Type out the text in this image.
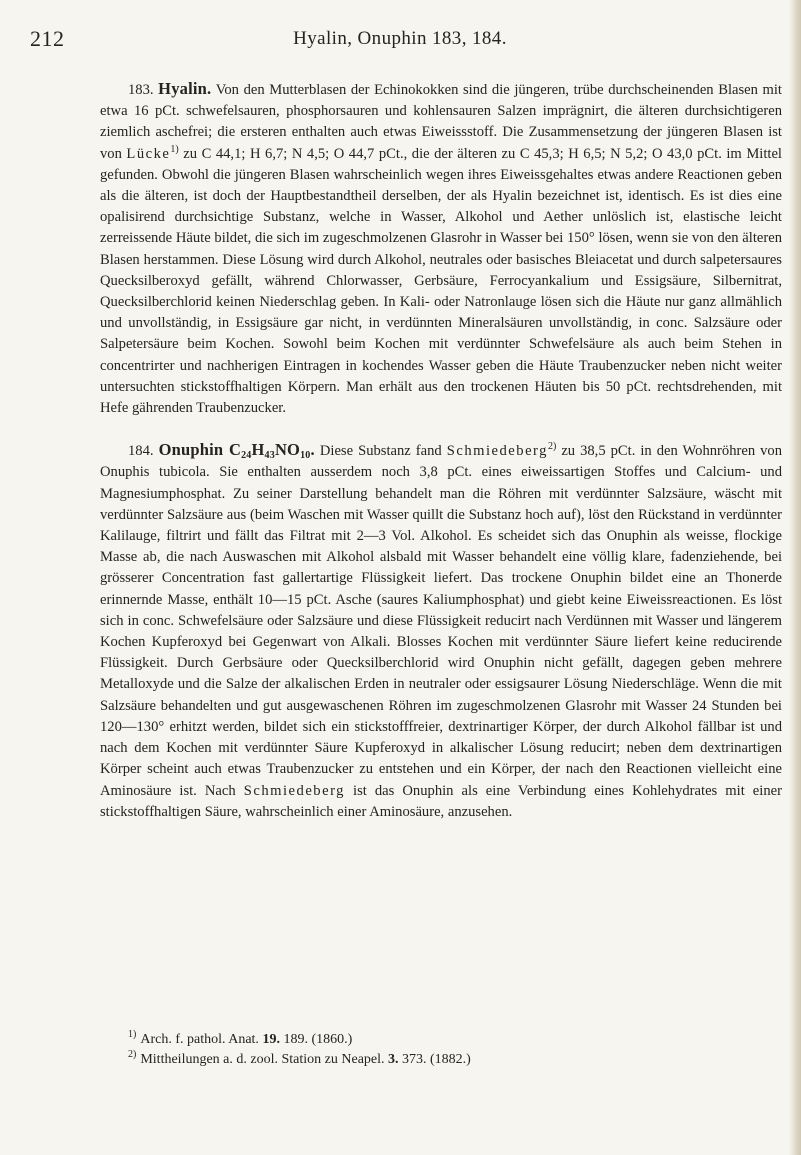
212	Hyalin, Onuphin 183, 184.

183. Hyalin. Von den Mutterblasen der Echinokokken sind die jüngeren, trübe durchscheinenden Blasen mit etwa 16 pCt. schwefelsauren, phosphorsauren und kohlensauren Salzen imprägnirt, die älteren durchsichtigeren ziemlich aschefrei; die ersteren enthalten auch etwas Eiweissstoff. Die Zusammensetzung der jüngeren Blasen ist von Lücke$^{1)}$ zu C 44,1; H 6,7; N 4,5; O 44,7 pCt., die der älteren zu C 45,3; H 6,5; N 5,2; O 43,0 pCt. im Mittel gefunden. Obwohl die jüngeren Blasen wahrscheinlich wegen ihres Eiweissgehaltes etwas andere Reactionen geben als die älteren, ist doch der Hauptbestandtheil derselben, der als Hyalin bezeichnet ist, identisch. Es ist dies eine opalisirend durchsichtige Substanz, welche in Wasser, Alkohol und Aether unlöslich ist, elastische leicht zerreissende Häute bildet, die sich im zugeschmolzenen Glasrohr in Wasser bei 150° lösen, wenn sie von den älteren Blasen herstammen. Diese Lösung wird durch Alkohol, neutrales oder basisches Bleiacetat und durch salpetersaures Quecksilberoxyd gefällt, während Chlorwasser, Gerbsäure, Ferrocyankalium und Essigsäure, Silbernitrat, Quecksilberchlorid keinen Niederschlag geben. In Kali- oder Natronlauge lösen sich die Häute nur ganz allmählich und unvollständig, in Essigsäure gar nicht, in verdünnten Mineralsäuren unvollständig, in conc. Salzsäure oder Salpetersäure beim Kochen. Sowohl beim Kochen mit verdünnter Schwefelsäure als auch beim Stehen in concentrirter und nachherigen Eintragen in kochendes Wasser geben die Häute Traubenzucker neben nicht weiter untersuchten stickstoffhaltigen Körpern. Man erhält aus den trockenen Häuten bis 50 pCt. rechtsdrehenden, mit Hefe gährenden Traubenzucker.

184. Onuphin $C_{24}H_{43}NO_{10}$. Diese Substanz fand Schmiedeberg$^{2)}$ zu 38,5 pCt. in den Wohnröhren von Onuphis tubicola. Sie enthalten ausserdem noch 3,8 pCt. eines eiweissartigen Stoffes und Calcium- und Magnesiumphosphat. Zu seiner Darstellung behandelt man die Röhren mit verdünnter Salzsäure, wäscht mit verdünnter Salzsäure aus (beim Waschen mit Wasser quillt die Substanz hoch auf), löst den Rückstand in verdünnter Kalilauge, filtrirt und fällt das Filtrat mit 2—3 Vol. Alkohol. Es scheidet sich das Onuphin als weisse, flockige Masse ab, die nach Auswaschen mit Alkohol alsbald mit Wasser behandelt eine völlig klare, fadenziehende, bei grösserer Concentration fast gallertartige Flüssigkeit liefert. Das trockene Onuphin bildet eine an Thonerde erinnernde Masse, enthält 10—15 pCt. Asche (saures Kaliumphosphat) und giebt keine Eiweissreactionen. Es löst sich in conc. Schwefelsäure oder Salzsäure und diese Flüssigkeit reducirt nach Verdünnen mit Wasser und längerem Kochen Kupferoxyd bei Gegenwart von Alkali. Blosses Kochen mit verdünnter Säure liefert keine reducirende Flüssigkeit. Durch Gerbsäure oder Quecksilberchlorid wird Onuphin nicht gefällt, dagegen geben mehrere Metalloxyde und die Salze der alkalischen Erden in neutraler oder essigsaurer Lösung Niederschläge. Wenn die mit Salzsäure behandelten und gut ausgewaschenen Röhren im zugeschmolzenen Glasrohr mit Wasser 24 Stunden bei 120—130° erhitzt werden, bildet sich ein stickstofffreier, dextrinartiger Körper, der durch Alkohol fällbar ist und nach dem Kochen mit verdünnter Säure Kupferoxyd in alkalischer Lösung reducirt; neben dem dextrinartigen Körper scheint auch etwas Traubenzucker zu entstehen und ein Körper, der nach den Reactionen vielleicht eine Aminosäure ist. Nach Schmiedeberg ist das Onuphin als eine Verbindung eines Kohlehydrates mit einer stickstoffhaltigen Säure, wahrscheinlich einer Aminosäure, anzusehen.

$^{1)}$ Arch. f. pathol. Anat. 19. 189. (1860.)
$^{2)}$ Mittheilungen a. d. zool. Station zu Neapel. 3. 373. (1882.)
